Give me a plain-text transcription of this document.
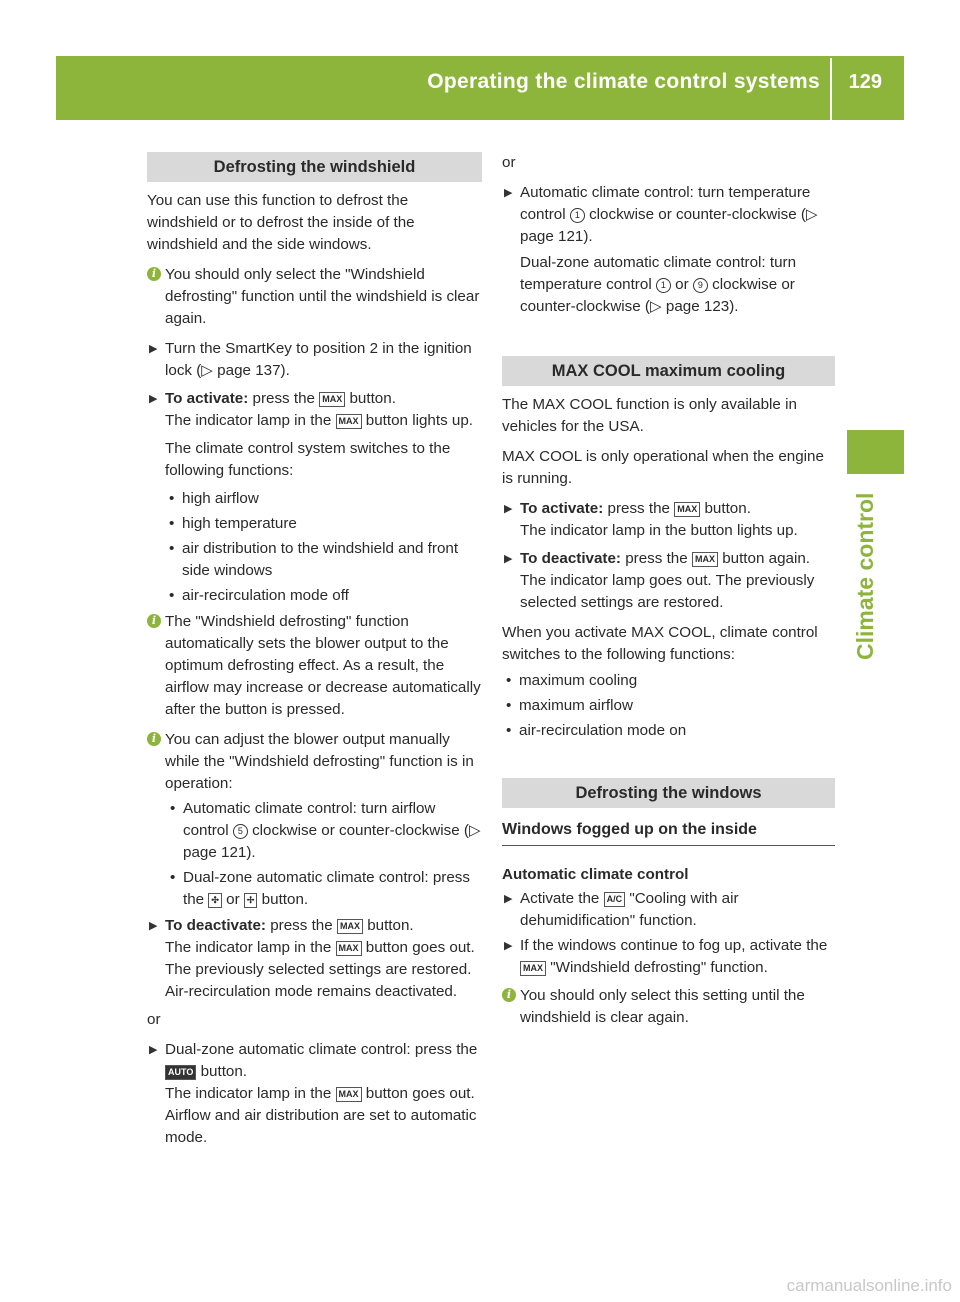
Operating the climate control systems 129
Climate control
Defrosting the windshield

You can use this function to defrost the windshield or to defrost the inside of the windshield and the side windows.

i You should only select the "Windshield defrosting" function until the windshield is clear again.
▶ Turn the SmartKey to position 2 in the ignition lock (▷ page 137).
▶ To activate: press the MAX button.
The indicator lamp in the MAX button lights up.
The climate control system switches to the following functions:
• high airflow
• high temperature
• air distribution to the windshield and front side windows
• air-recirculation mode off
i The "Windshield defrosting" function automatically sets the blower output to the optimum defrosting effect. As a result, the airflow may increase or decrease automatically after the button is pressed.
i You can adjust the blower output manually while the "Windshield defrosting" function is in operation:
• Automatic climate control: turn airflow control 5 clockwise or counter-clockwise (▷ page 121).
• Dual-zone automatic climate control: press the ✣ or ✢ button.
▶ To deactivate: press the MAX button.
The indicator lamp in the MAX button goes out. The previously selected settings are restored. Air-recirculation mode remains deactivated.

or

▶ Dual-zone automatic climate control: press the AUTO button.
The indicator lamp in the MAX button goes out. Airflow and air distribution are set to automatic mode.

or

▶ Automatic climate control: turn temperature control 1 clockwise or counter-clockwise (▷ page 121).
Dual-zone automatic climate control: turn temperature control 1 or 9 clockwise or counter-clockwise (▷ page 123).
MAX COOL maximum cooling

The MAX COOL function is only available in vehicles for the USA.

MAX COOL is only operational when the engine is running.

▶ To activate: press the MAX button.
The indicator lamp in the button lights up.
▶ To deactivate: press the MAX button again.
The indicator lamp goes out. The previously selected settings are restored.

When you activate MAX COOL, climate control switches to the following functions:

• maximum cooling
• maximum airflow
• air-recirculation mode on
Defrosting the windows
Windows fogged up on the inside
Automatic climate control
▶ Activate the A/C "Cooling with air dehumidification" function.
▶ If the windows continue to fog up, activate the MAX "Windshield defrosting" function.
i You should only select this setting until the windshield is clear again.
carmanualsonline.info
